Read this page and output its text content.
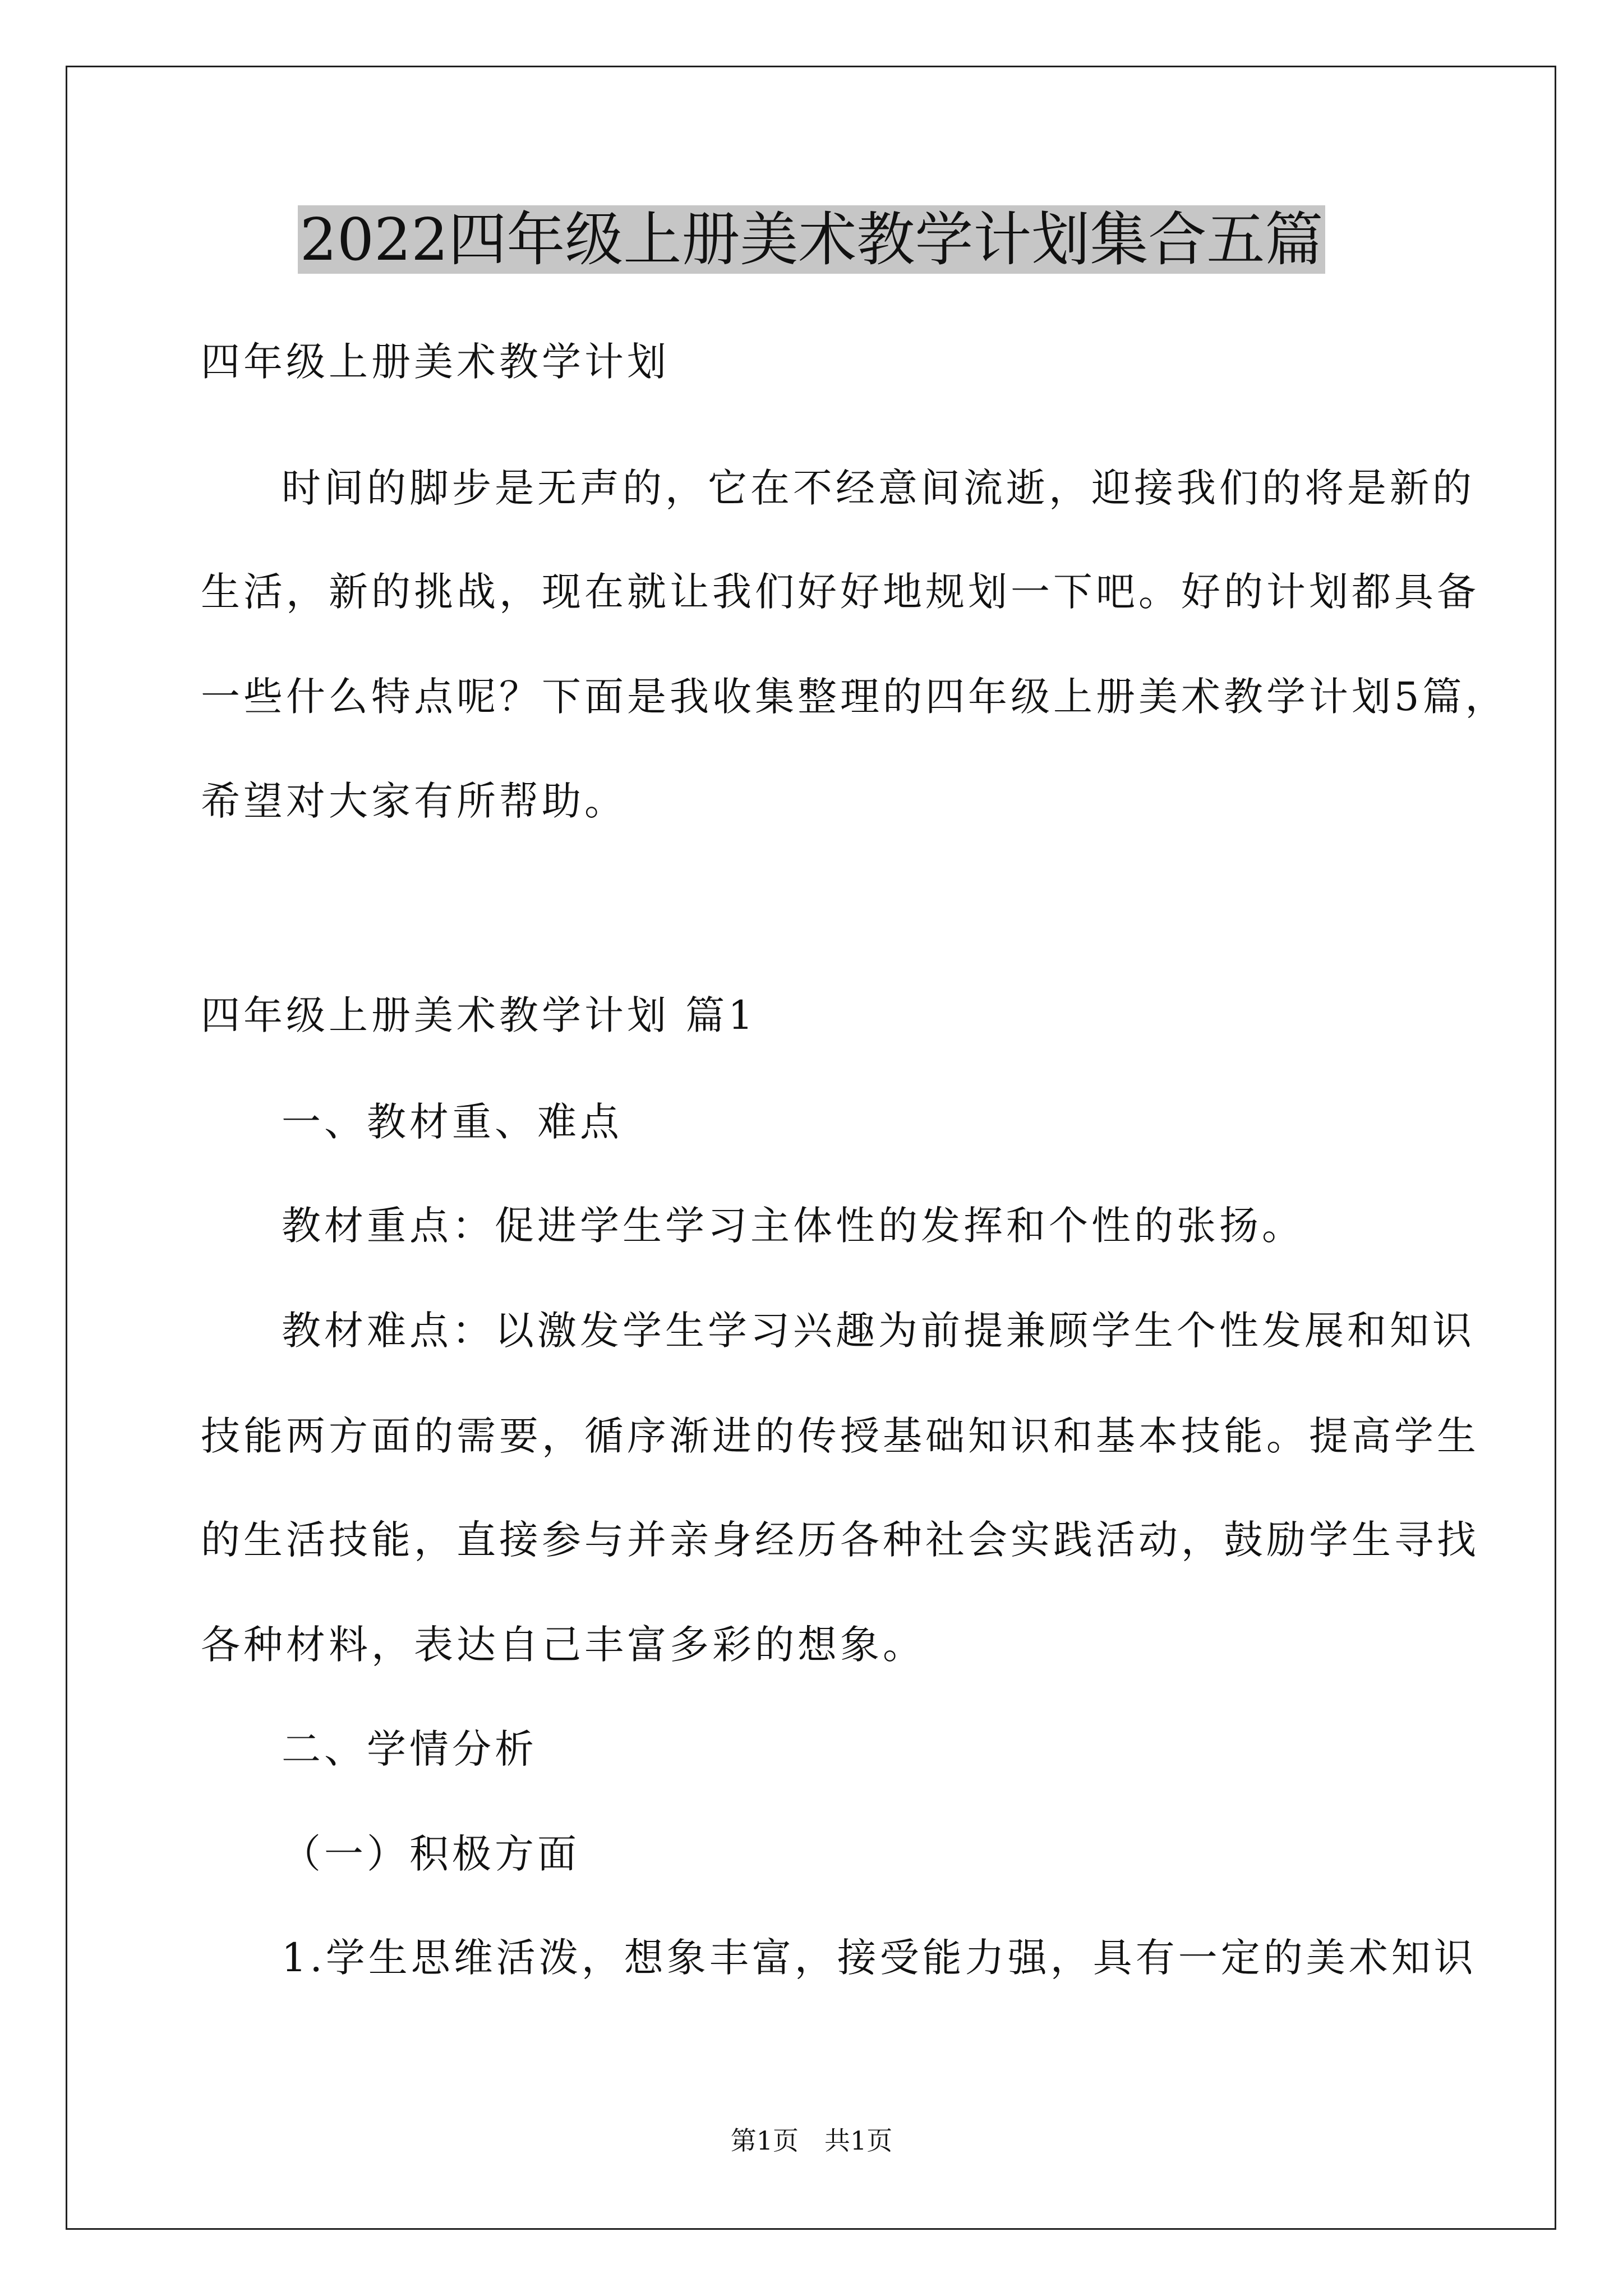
2022四年级上册美术教学计划集合五篇
四年级上册美术教学计划
时间的脚步是无声的，它在不经意间流逝，迎接我们的将是新的
生活，新的挑战，现在就让我们好好地规划一下吧。好的计划都具备
一些什么特点呢？下面是我收集整理的四年级上册美术教学计划5篇，
希望对大家有所帮助。
四年级上册美术教学计划 篇1
一、教材重、难点
教材重点：促进学生学习主体性的发挥和个性的张扬。
教材难点：以激发学生学习兴趣为前提兼顾学生个性发展和知识
技能两方面的需要，循序渐进的传授基础知识和基本技能。提高学生
的生活技能，直接参与并亲身经历各种社会实践活动，鼓励学生寻找
各种材料，表达自己丰富多彩的想象。
二、学情分析
（一）积极方面
1.学生思维活泼，想象丰富，接受能力强，具有一定的美术知识
第1页　共1页
